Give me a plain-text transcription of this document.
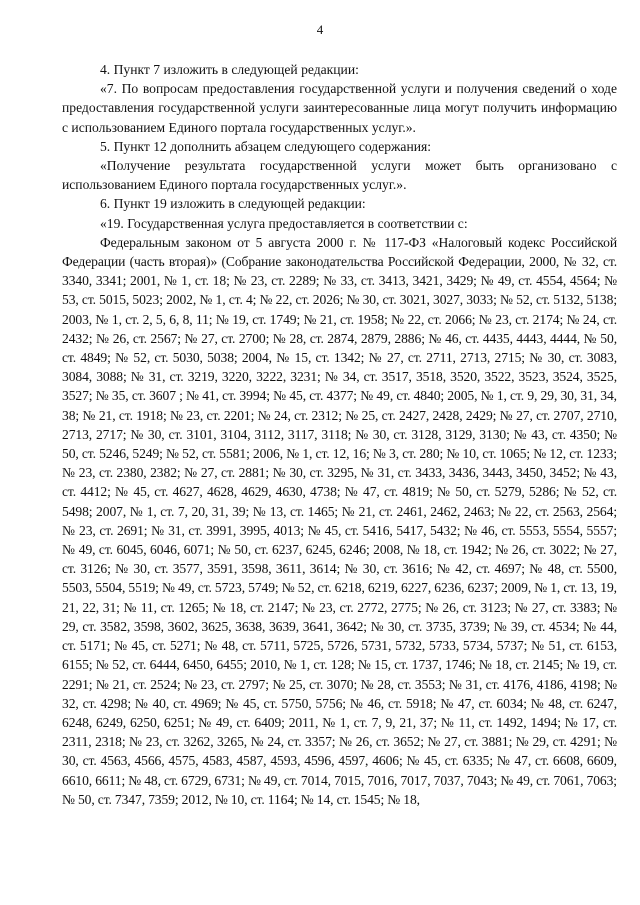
4

4. Пункт 7 изложить в следующей редакции:

«7. По вопросам предоставления государственной услуги и получения сведений о ходе предоставления государственной услуги заинтересованные лица могут получить информацию с использованием Единого портала государственных услуг.».

5. Пункт 12 дополнить абзацем следующего содержания:

«Получение результата государственной услуги может быть организовано с использованием Единого портала государственных услуг.».

6. Пункт 19 изложить в следующей редакции:

«19. Государственная услуга предоставляется в соответствии с:

Федеральным законом от 5 августа 2000 г. № 117-ФЗ «Налоговый кодекс Российской Федерации (часть вторая)» (Собрание законодательства Российской Федерации, 2000, № 32, ст. 3340, 3341; 2001, № 1, ст. 18; № 23, ст. 2289; № 33, ст. 3413, 3421, 3429; № 49, ст. 4554, 4564; № 53, ст. 5015, 5023; 2002, № 1, ст. 4; № 22, ст. 2026; № 30, ст. 3021, 3027, 3033; № 52, ст. 5132, 5138; 2003, № 1, ст. 2, 5, 6, 8, 11; № 19, ст. 1749; № 21, ст. 1958; № 22, ст. 2066; № 23, ст. 2174; № 24, ст. 2432; № 26, ст. 2567; № 27, ст. 2700; № 28, ст. 2874, 2879, 2886; № 46, ст. 4435, 4443, 4444, № 50, ст. 4849; № 52, ст. 5030, 5038; 2004, № 15, ст. 1342; № 27, ст. 2711, 2713, 2715; № 30, ст. 3083, 3084, 3088; № 31, ст. 3219, 3220, 3222, 3231; № 34, ст. 3517, 3518, 3520, 3522, 3523, 3524, 3525, 3527; № 35, ст. 3607 ; № 41, ст. 3994; № 45, ст. 4377; № 49, ст. 4840; 2005, № 1, ст. 9, 29, 30, 31, 34, 38; № 21, ст. 1918; № 23, ст. 2201; № 24, ст. 2312; № 25, ст. 2427, 2428, 2429; № 27, ст. 2707, 2710, 2713, 2717; № 30, ст. 3101, 3104, 3112, 3117, 3118; № 30, ст. 3128, 3129, 3130; № 43, ст. 4350; № 50, ст. 5246, 5249; № 52, ст. 5581; 2006, № 1, ст. 12, 16; № 3, ст. 280; № 10, ст. 1065; № 12, ст. 1233; № 23, ст. 2380, 2382; № 27, ст. 2881; № 30, ст. 3295, № 31, ст. 3433, 3436, 3443, 3450, 3452; № 43, ст. 4412; № 45, ст. 4627, 4628, 4629, 4630, 4738; № 47, ст. 4819; № 50, ст. 5279, 5286; № 52, ст. 5498; 2007, № 1, ст. 7, 20, 31, 39; № 13, ст. 1465; № 21, ст. 2461, 2462, 2463; № 22, ст. 2563, 2564; № 23, ст. 2691; № 31, ст. 3991, 3995, 4013; № 45, ст. 5416, 5417, 5432; № 46, ст. 5553, 5554, 5557; № 49, ст. 6045, 6046, 6071; № 50, ст. 6237, 6245, 6246; 2008, № 18, ст. 1942; № 26, ст. 3022; № 27, ст. 3126; № 30, ст. 3577, 3591, 3598, 3611, 3614; № 30, ст. 3616; № 42, ст. 4697; № 48, ст. 5500, 5503, 5504, 5519; № 49, ст. 5723, 5749; № 52, ст. 6218, 6219, 6227, 6236, 6237; 2009, № 1, ст. 13, 19, 21, 22, 31; № 11, ст. 1265; № 18, ст. 2147; № 23, ст. 2772, 2775; № 26, ст. 3123; № 27, ст. 3383; № 29, ст. 3582, 3598, 3602, 3625, 3638, 3639, 3641, 3642; № 30, ст. 3735, 3739; № 39, ст. 4534; № 44, ст. 5171; № 45, ст. 5271; № 48, ст. 5711, 5725, 5726, 5731, 5732, 5733, 5734, 5737; № 51, ст. 6153, 6155; № 52, ст. 6444, 6450, 6455; 2010, № 1, ст. 128; № 15, ст. 1737, 1746; № 18, ст. 2145; № 19, ст. 2291; № 21, ст. 2524; № 23, ст. 2797; № 25, ст. 3070; № 28, ст. 3553; № 31, ст. 4176, 4186, 4198; № 32, ст. 4298; № 40, ст. 4969; № 45, ст. 5750, 5756; № 46, ст. 5918; № 47, ст. 6034; № 48, ст. 6247, 6248, 6249, 6250, 6251; № 49, ст. 6409; 2011, № 1, ст. 7, 9, 21, 37; № 11, ст. 1492, 1494; № 17, ст. 2311, 2318; № 23, ст. 3262, 3265, № 24, ст. 3357; № 26, ст. 3652; № 27, ст. 3881; № 29, ст. 4291; № 30, ст. 4563, 4566, 4575, 4583, 4587, 4593, 4596, 4597, 4606; № 45, ст. 6335; № 47, ст. 6608, 6609, 6610, 6611; № 48, ст. 6729, 6731; № 49, ст. 7014, 7015, 7016, 7017, 7037, 7043; № 49, ст. 7061, 7063; № 50, ст. 7347, 7359; 2012, № 10, ст. 1164; № 14, ст. 1545; № 18,
